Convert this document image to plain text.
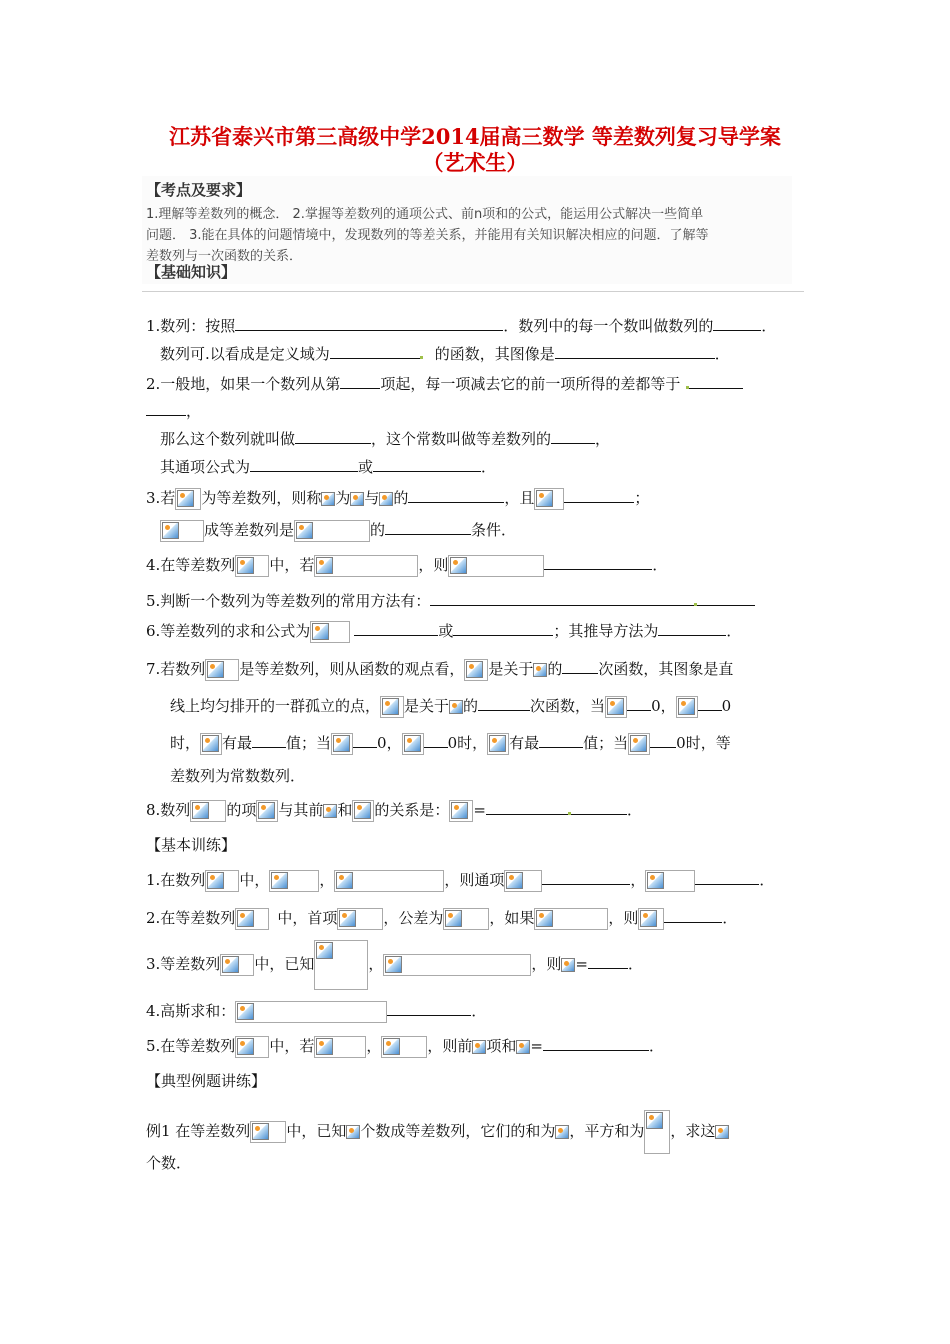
江苏省泰兴市第三高级中学2014届高三数学 等差数列复习导学案
（艺术生）
【考点及要求】
1.理解等差数列的概念． 2.掌握等差数列的通项公式、前n项和的公式，能运用公式解决一些简单
问题． 3.能在具体的问题情境中，发现数列的等差关系，并能用有关知识解决相应的问题．了解等
差数列与一次函数的关系．
【基础知识】
1.数列：按照	．数列中的每一个数叫做数列的	．
数列可.以看成是定义域为	的函数，其图像是	．
2.一般地，如果一个数列从第	项起，每一项减去它的前一项所得的差都等于
，
那么这个数列就叫做	，这个常数叫做等差数列的	，
其通项公式为	或	．
3.若 为等差数列，则称 为 与 的	，且	；
成等差数列是	的	条件．
4.在等差数列 中，若	，则	．
5.判断一个数列为等差数列的常用方法有：
6.等差数列的求和公式为	或	；其推导方法为	．
7.若数列 是等差数列，则从函数的观点看， 是关于 的 次函数，其图象是直
线上均匀排开的一群孤立的点， 是关于 的	次函数，当	0，	0
时， 有最 值；当	0，	0时， 有最	值；当	0时，等
差数列为常数数列．
8.数列 的项 与其前 和 的关系是： =	．
【基本训练】
1.在数列 中，	，	，则通项	，	．
2.在等差数列	中，首项	，公差为	，如果	，则	．
3.等差数列 中，已知	，	，则 =	．
4.高斯求和：	．
5.在等差数列 中，若	，	，则前 项和 =	．
【典型例题讲练】
例1 在等差数列 中，已知 个数成等差数列，它们的和为 ，平方和为 ，求这
个数．
